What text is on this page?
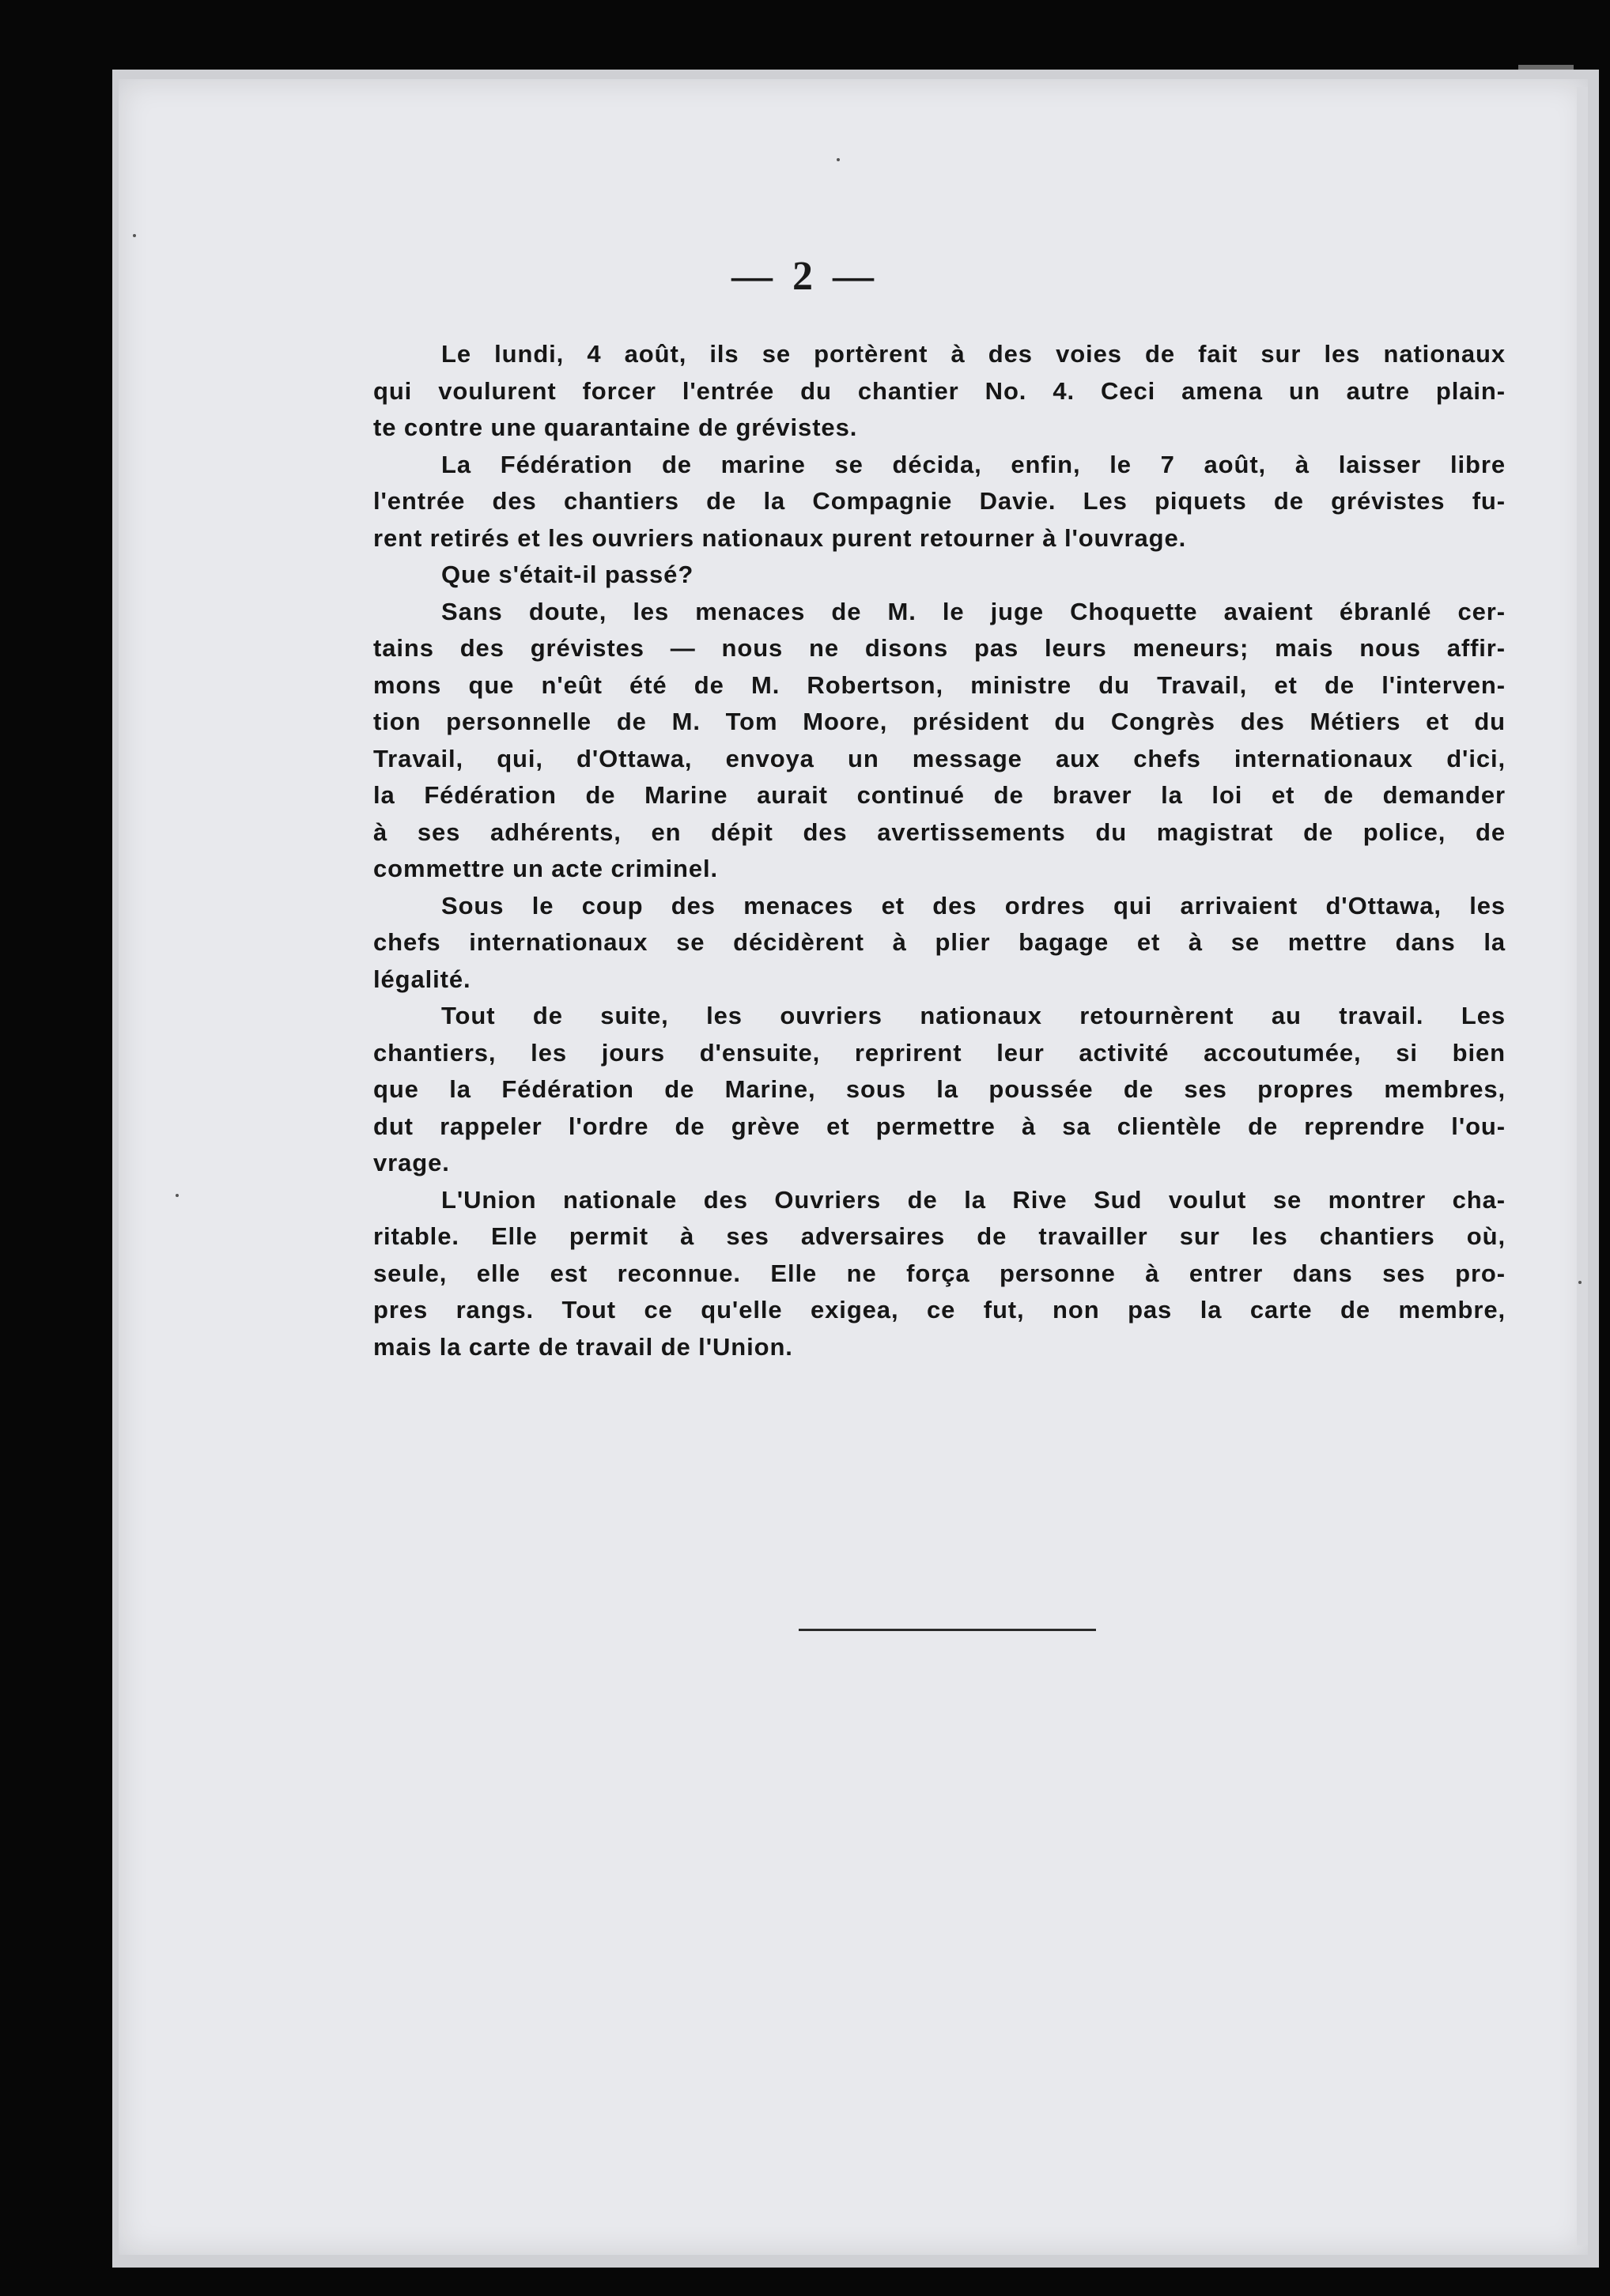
— 2 —

Le lundi, 4 août, ils se portèrent à des voies de fait sur les nationaux
qui voulurent forcer l'entrée du chantier No. 4. Ceci amena un autre plain-
te contre une quarantaine de grévistes.

La Fédération de marine se décida, enfin, le 7 août, à laisser libre
l'entrée des chantiers de la Compagnie Davie. Les piquets de grévistes fu-
rent retirés et les ouvriers nationaux purent retourner à l'ouvrage.

Que s'était-il passé?

Sans doute, les menaces de M. le juge Choquette avaient ébranlé cer-
tains des grévistes — nous ne disons pas leurs meneurs; mais nous affir-
mons que n'eût été de M. Robertson, ministre du Travail, et de l'interven-
tion personnelle de M. Tom Moore, président du Congrès des Métiers et du
Travail, qui, d'Ottawa, envoya un message aux chefs internationaux d'ici,
la Fédération de Marine aurait continué de braver la loi et de demander
à ses adhérents, en dépit des avertissements du magistrat de police, de
commettre un acte criminel.

Sous le coup des menaces et des ordres qui arrivaient d'Ottawa, les
chefs internationaux se décidèrent à plier bagage et à se mettre dans la
légalité.

Tout de suite, les ouvriers nationaux retournèrent au travail. Les
chantiers, les jours d'ensuite, reprirent leur activité accoutumée, si bien
que la Fédération de Marine, sous la poussée de ses propres membres,
dut rappeler l'ordre de grève et permettre à sa clientèle de reprendre l'ou-
vrage.

L'Union nationale des Ouvriers de la Rive Sud voulut se montrer cha-
ritable. Elle permit à ses adversaires de travailler sur les chantiers où,
seule, elle est reconnue. Elle ne força personne à entrer dans ses pro-
pres rangs. Tout ce qu'elle exigea, ce fut, non pas la carte de membre,
mais la carte de travail de l'Union.
